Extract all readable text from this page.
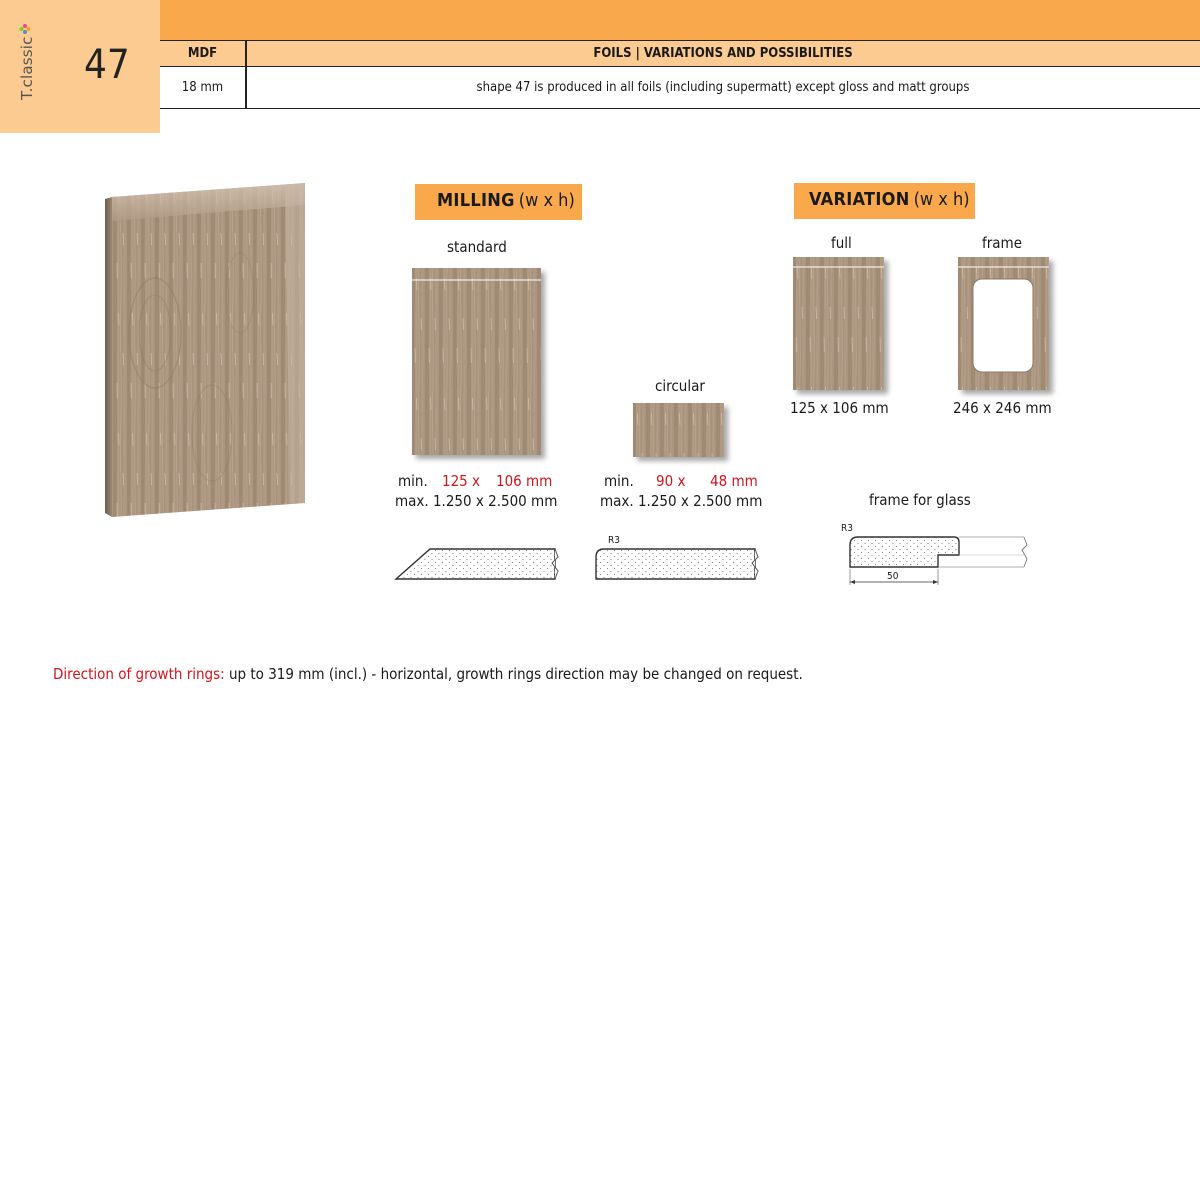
T.classic 47	MDF	FOILS | VARIATIONS AND POSSIBILITIES
18 mm	shape 47 is produced in all foils (including supermatt) except gloss and matt groups
MILLING (w x h)	VARIATION (w x h)
standard
min. 125 x 106 mm
max. 1.250 x 2.500 mm
circular
min. 90 x 48 mm
max. 1.250 x 2.500 mm
R3
full
125 x 106 mm
frame
246 x 246 mm
frame for glass
R3
50
Direction of growth rings: up to 319 mm (incl.) - horizontal, growth rings direction may be changed on request.
